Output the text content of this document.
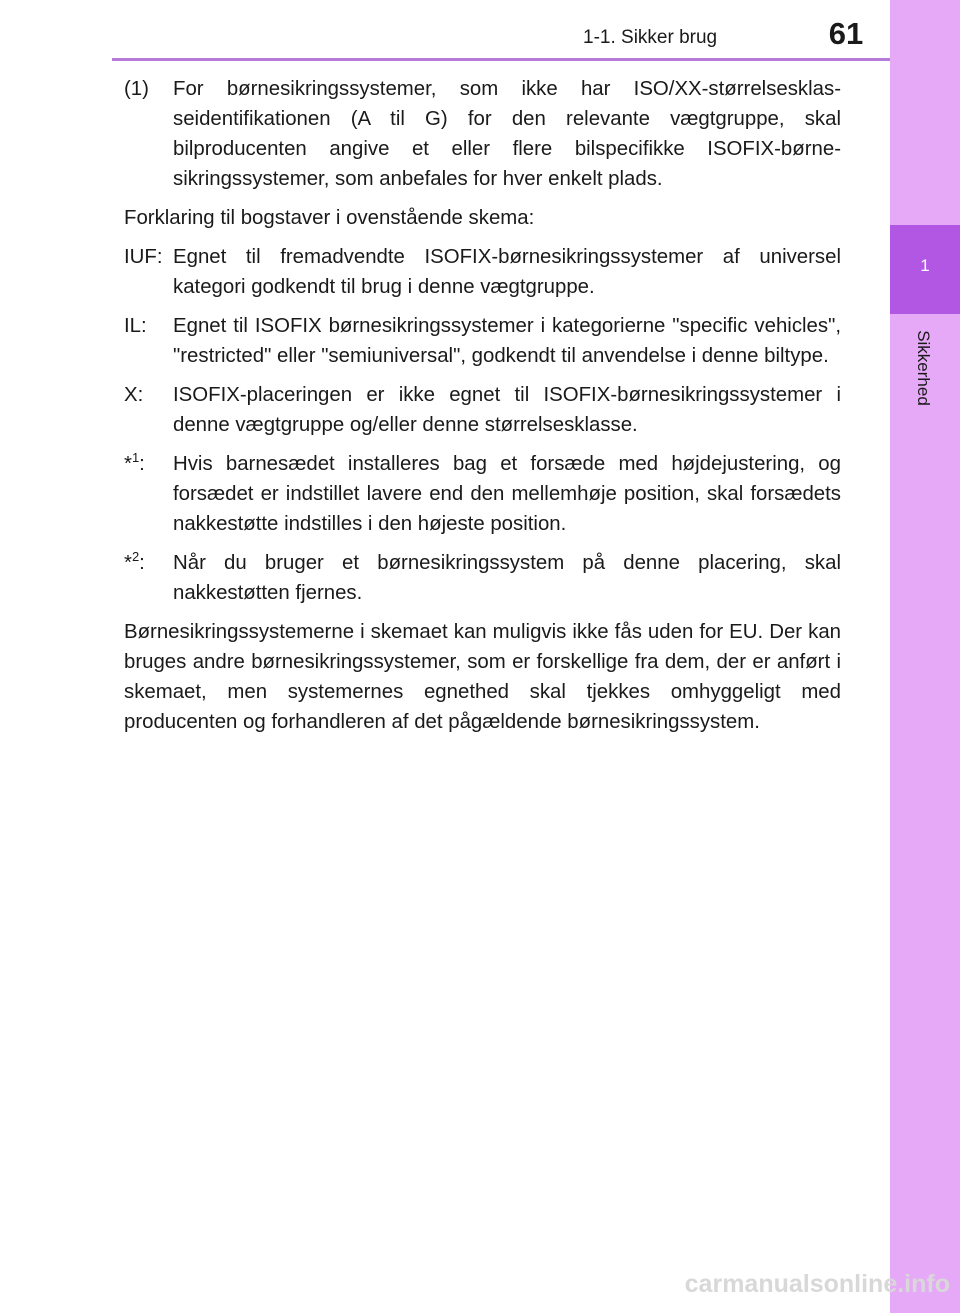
1
Sikkerhed
1-1. Sikker brug	61
(1)	For børnesikringssystemer, som ikke har ISO/XX-størrelsesklas-seidentifikationen (A til G) for den relevante vægtgruppe, skal bilproducenten angive et eller flere bilspecifikke ISOFIX-børne-sikringssystemer, som anbefales for hver enkelt plads.

Forklaring til bogstaver i ovenstående skema:

IUF: Egnet til fremadvendte ISOFIX-børnesikringssystemer af universel kategori godkendt til brug i denne vægtgruppe.
IL:	Egnet til ISOFIX børnesikringssystemer i kategorierne "specific vehicles", "restricted" eller "semiuniversal", godkendt til anvendelse i denne biltype.
X:	ISOFIX-placeringen er ikke egnet til ISOFIX-børnesikringssystemer i denne vægtgruppe og/eller denne størrelsesklasse.
*$^1$:	Hvis barnesædet installeres bag et forsæde med højdejustering, og forsædet er indstillet lavere end den mellemhøje position, skal forsædets nakkestøtte indstilles i den højeste position.
*$^2$:	Når du bruger et børnesikringssystem på denne placering, skal nakkestøtten fjernes.

Børnesikringssystemerne i skemaet kan muligvis ikke fås uden for EU. Der kan bruges andre børnesikringssystemer, som er forskellige fra dem, der er anført i skemaet, men systemernes egnethed skal tjekkes omhyggeligt med producenten og forhandleren af det pågældende børnesikringssystem.

carmanualsonline.info
